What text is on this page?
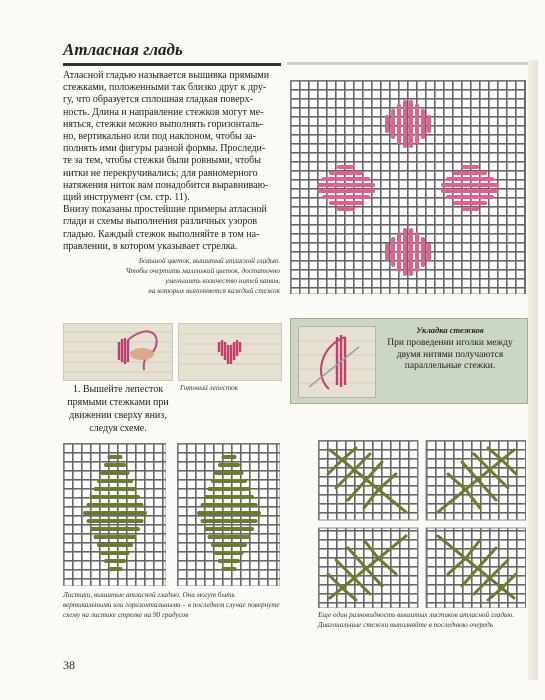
Атласная гладь

Атласной гладью называется вышивка прямыми

стежками, положенными так близко друг к дру-

гу, что образуется сплошная гладкая поверх-

ность. Длина и направление стежков могут ме-

няться, стежки можно выполнять горизонталь-

но, вертикально или под наклоном, чтобы за-

полнять ими фигуры разной формы. Проследи-

те за тем, чтобы стежки были ровными, чтобы

нитки не перекручивались; для равномерного

натяжения ниток вам понадобится выравниваю-

щий инструмент (см. стр. 11).

Внизу показаны простейшие примеры атласной

глади и схемы выполнения различных узоров

гладью. Каждый стежок выполняйте в том на-

правлении, в котором указывает стрелка.

Большой цветок, вышитый атласной гладью.
Чтобы очертить маленький цветок, достаточно
уменьшить количество нитей канвы,
на которых выполняется каждый стежок
1. Вышейте лепесток прямыми стежками при движении сверху вниз, следуя схеме.
Готовый лепесток
Укладка стежков
При проведении иголки между двумя нитями получаются параллельные стежки.
Листики, вышитые атласной гладью. Они могут быть вертикальными или горизонтальными – в последнем случае повернуте схему на листике стрелке на 90 градусов	Еще один разновидность вышитых листиков атласной гладью. Диагональные стежки выполняйте в последнюю очередь
38
